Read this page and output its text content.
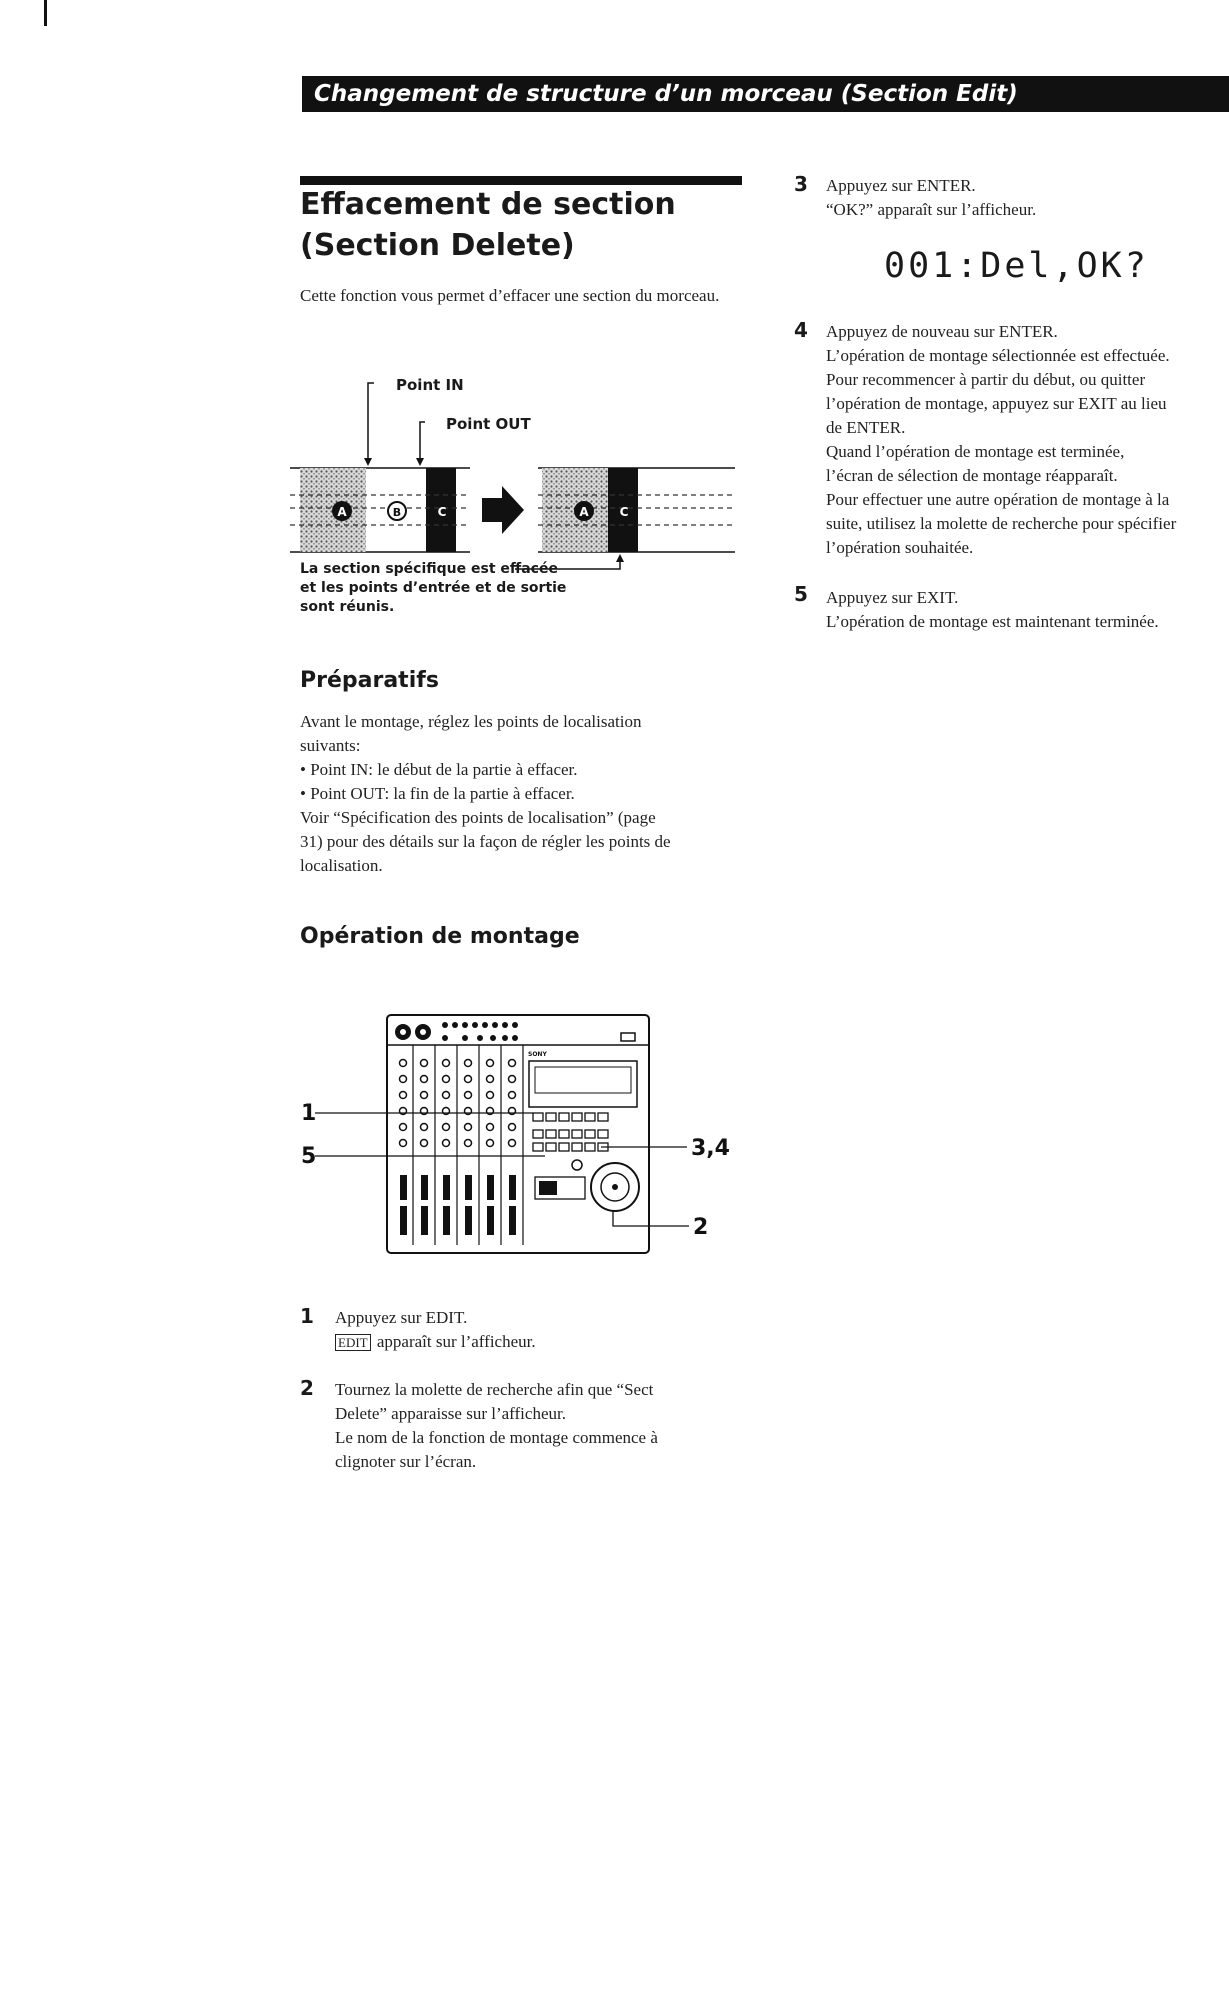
Changement de structure d’un morceau (Section Edit)
Effacement de section (Section Delete)
Cette fonction vous permet d’effacer une section du morceau.
Point IN
Point OUT
A	B	C	A	C
La section spécifique est effacée
et les points d’entrée et de sortie
sont réunis.
Préparatifs
Avant le montage, réglez les points de localisation
suivants:
• Point IN: le début de la partie à effacer.
• Point OUT: la fin de la partie à effacer.
Voir “Spécification des points de localisation” (page
31) pour des détails sur la façon de régler les points de
localisation.
Opération de montage
SONY
1
5	3,4
2
1 Appuyez sur EDIT.
EDIT apparaît sur l’afficheur.
2 Tournez la molette de recherche afin que “Sect
Delete” apparaisse sur l’afficheur.
Le nom de la fonction de montage commence à
clignoter sur l’écran.
3 Appuyez sur ENTER.
“OK?” apparaît sur l’afficheur.
001:Del,OK?
4 Appuyez de nouveau sur ENTER.
L’opération de montage sélectionnée est effectuée.
Pour recommencer à partir du début, ou quitter
l’opération de montage, appuyez sur EXIT au lieu
de ENTER.
Quand l’opération de montage est terminée,
l’écran de sélection de montage réapparaît.
Pour effectuer une autre opération de montage à la
suite, utilisez la molette de recherche pour spécifier
l’opération souhaitée.
5 Appuyez sur EXIT.
L’opération de montage est maintenant terminée.
